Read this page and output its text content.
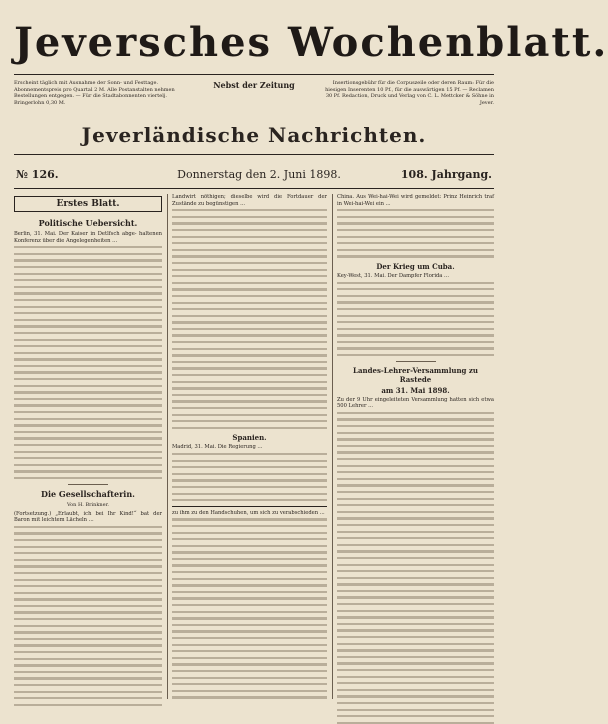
Jeversches Wochenblatt.
Erscheint täglich mit Ausnahme der Sonn- und Festtage. Abonnementspreis pro Quartal 2 M. Alle Postanstalten nehmen Bestellungen entgegen. — Für die Stadtabonnenten viertelj. Bringerlohn 0,30 M.
Nebst der Zeitung	Insertionsgebühr für die Corpuszeile oder deren Raum: Für die hiesigen Inserenten 10 Pf., für die auswärtigen 15 Pf. — Reclamen 30 Pf. Redaction, Druck und Verlag von C. L. Mettcker & Söhne in Jever.
Jeverländische Nachrichten.
№ 126.	Donnerstag den 2. Juni 1898.	108. Jahrgang.
Erstes Blatt.
Politische Uebersicht.

Berlin, 31. Mai. Der Kaiser in Detlfsch abge- haltenen Konferenz über die Angelegenheiten ...

Die Gesellschafterin.
Von H. Brinkner.

(Fortsetzung.) „Erlaubt, ich bei Ihr Kind!“ bat der Baron mit leichtem Lächeln ...

Landwirt nöthigen; dieselbe wird die Fortdauer der Zustände zu begünstigen ...

Spanien.

Madrid, 31. Mai. Die Regierung ...

zu ihm zu den Handschuhen, um sich zu verabschieden ...

China. Aus Wei-hai-Wei wird gemeldet: Prinz Heinrich traf in Wei-hai-Wei ein ...

Der Krieg um Cuba.

Key-West, 31. Mai. Der Dampfer Florida ...

Landes-Lehrer-Versammlung zu Rastede
am 31. Mai 1898.

Zu der 9 Uhr eingeleiteten Versammlung hatten sich etwa 500 Lehrer ...
